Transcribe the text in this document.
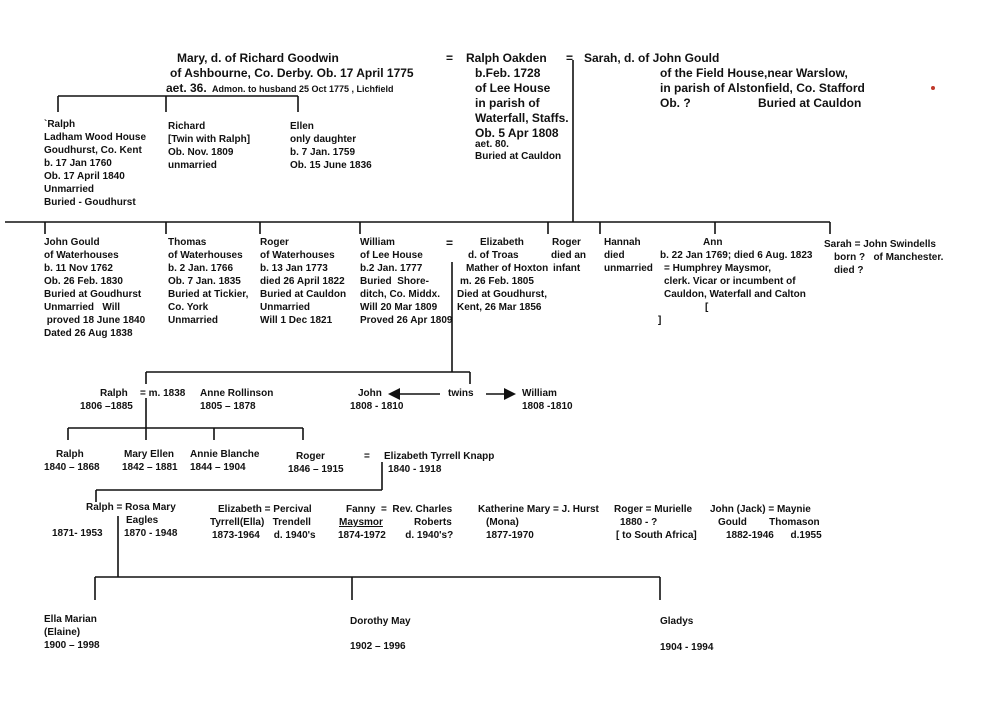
Mary, d. of Richard Goodwin
of Ashbourne, Co. Derby. Ob. 17 April 1775
aet. 36. Admon. to husband 25 Oct 1775 , Lichfield
= Ralph Oakden
b.Feb. 1728
of Lee House
in parish of
Waterfall, Staffs.
Ob. 5 Apr 1808
aet. 80.
Buried at Cauldon
= Sarah, d. of John Gould
of the Field House,near Warslow,
in parish of Alstonfield, Co. Stafford
Ob. ?	Buried at Cauldon
`Ralph
Ladham Wood House
Goudhurst, Co. Kent
b. 17 Jan 1760
Ob. 17 April 1840
Unmarried
Buried - Goudhurst
Richard
[Twin with Ralph]
Ob. Nov. 1809
unmarried
Ellen
only daughter
b. 7 Jan. 1759
Ob. 15 June 1836
John Gould
of Waterhouses
b. 11 Nov 1762
Ob. 26 Feb. 1830
Buried at Goudhurst
Unmarried   Will
proved 18 June 1840
Dated 26 Aug 1838
Thomas
of Waterhouses
b. 2 Jan. 1766
Ob. 7 Jan. 1835
Buried at Tickier,
Co. York
Unmarried
Roger
of Waterhouses
b. 13 Jan 1773
died 26 April 1822
Buried at Cauldon
Unmarried
Will 1 Dec 1821
William
of Lee House
b.2 Jan. 1777
Buried  Shore-
ditch, Co. Middx.
Will 20 Mar 1809
Proved 26 Apr 1809
=	Elizabeth
d. of Troas
Mather of Hoxton
m. 26 Feb. 1805
Died at Goudhurst,
Kent, 26 Mar 1856
Roger
died an
infant
Hannah
died
unmarried
Ann
b. 22 Jan 1769; died 6 Aug. 1823
= Humphrey Maysmor,
clerk. Vicar or incumbent of
Cauldon, Waterfall and Calton
[
]
Sarah = John Swindells
born ?   of Manchester.
died ?
Ralph = m. 1838 Anne Rollinson
1806 –1885	1805 – 1878
John
1808 - 1810
twins	William
1808 -1810
Ralph
1840 – 1868
Mary Ellen
1842 – 1881
Annie Blanche
1844 – 1904
Roger
1846 – 1915
= Elizabeth Tyrrell Knapp
1840 - 1918
Ralph = Rosa Mary
Eagles
1871- 1953 1870 - 1948
Elizabeth = Percival
Tyrrell(Ella)   Trendell
1873-1964     d. 1940's
Fanny  =  Rev. Charles
Maysmor	Roberts
1874-1972       d. 1940's?
Katherine Mary = J. Hurst
(Mona)
1877-1970
Roger = Murielle
1880 - ?
[ to South Africa]
John (Jack) = Maynie
Gould        Thomason
1882-1946      d.1955
Ella Marian
(Elaine)
1900 – 1998
Dorothy May
1902 – 1996
Gladys
1904 - 1994
